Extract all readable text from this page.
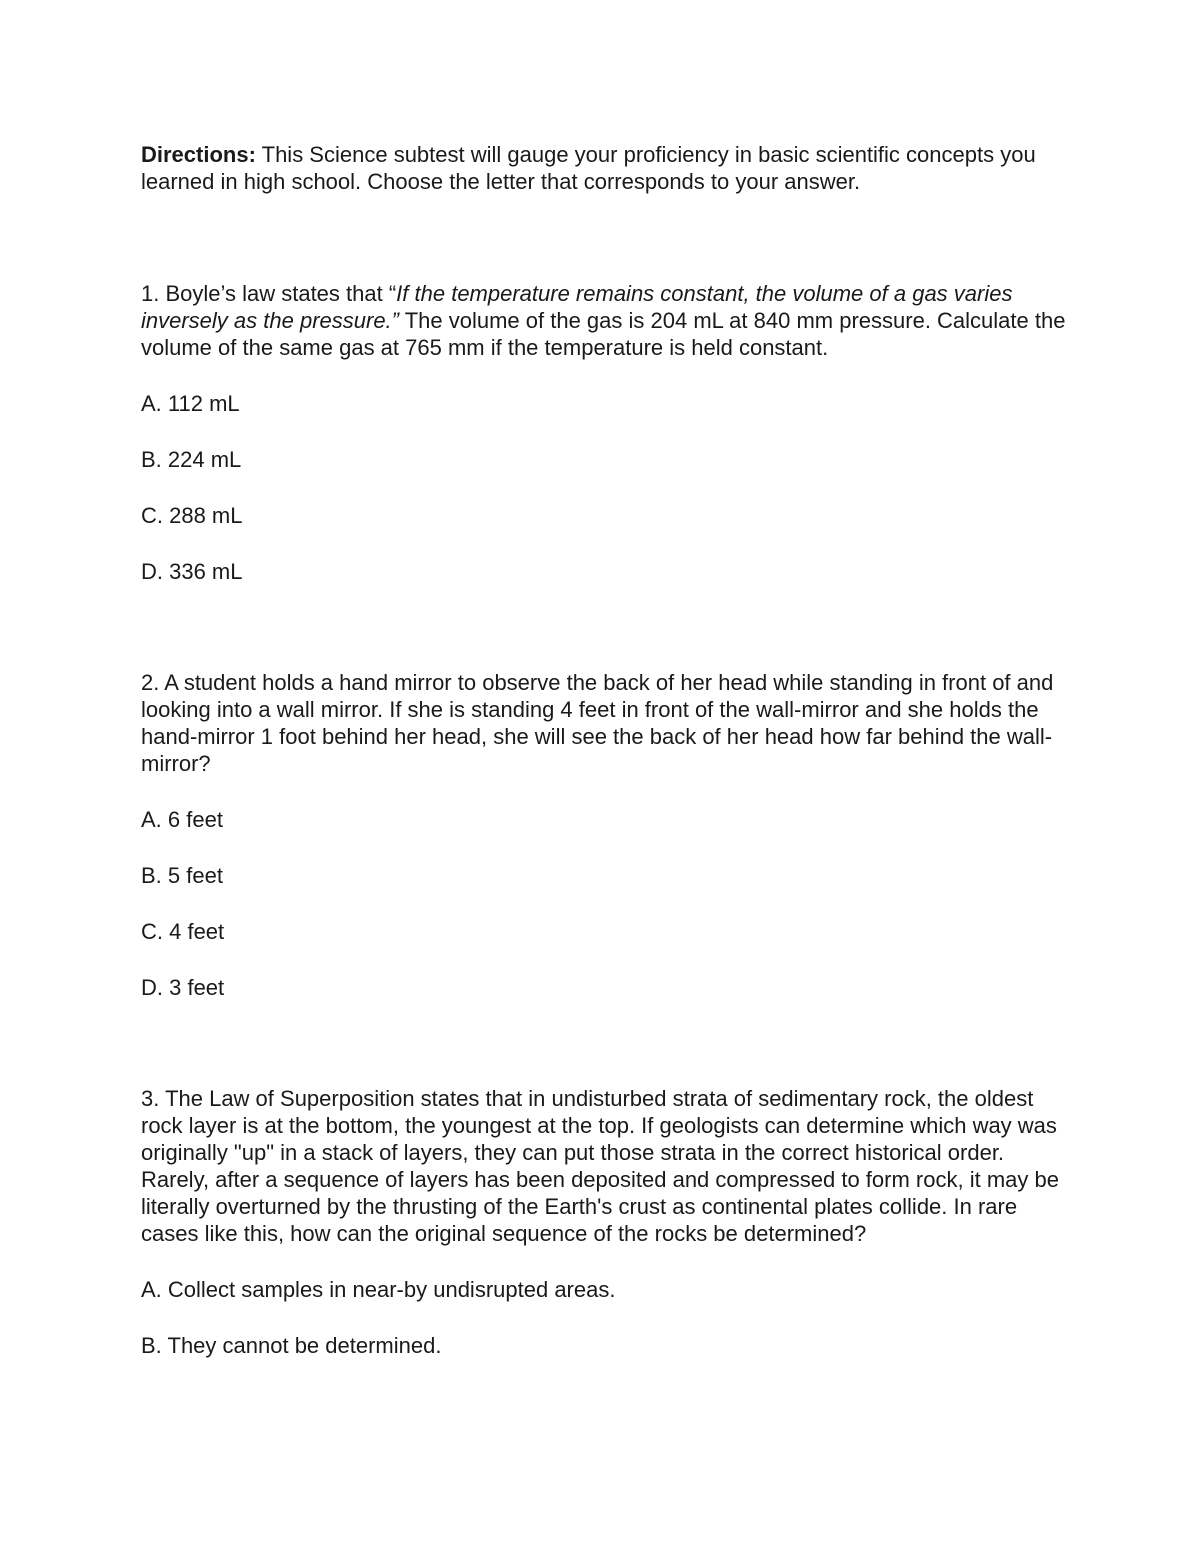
Directions: This Science subtest will gauge your proficiency in basic scientific concepts you learned in high school. Choose the letter that corresponds to your answer.

1. Boyle’s law states that “If the temperature remains constant, the volume of a gas varies inversely as the pressure.” The volume of the gas is 204 mL at 840 mm pressure. Calculate the volume of the same gas at 765 mm if the temperature is held constant.

A. 112 mL

B. 224 mL

C. 288 mL

D. 336 mL

2. A student holds a hand mirror to observe the back of her head while standing in front of and looking into a wall mirror. If she is standing 4 feet in front of the wall-mirror and she holds the hand-mirror 1 foot behind her head, she will see the back of her head how far behind the wall-mirror?

A. 6 feet

B. 5 feet

C. 4 feet

D. 3 feet

3. The Law of Superposition states that in undisturbed strata of sedimentary rock, the oldest rock layer is at the bottom, the youngest at the top. If geologists can determine which way was originally "up" in a stack of layers, they can put those strata in the correct historical order. Rarely, after a sequence of layers has been deposited and compressed to form rock, it may be literally overturned by the thrusting of the Earth's crust as continental plates collide. In rare cases like this, how can the original sequence of the rocks be determined?

A. Collect samples in near-by undisrupted areas.

B. They cannot be determined.
